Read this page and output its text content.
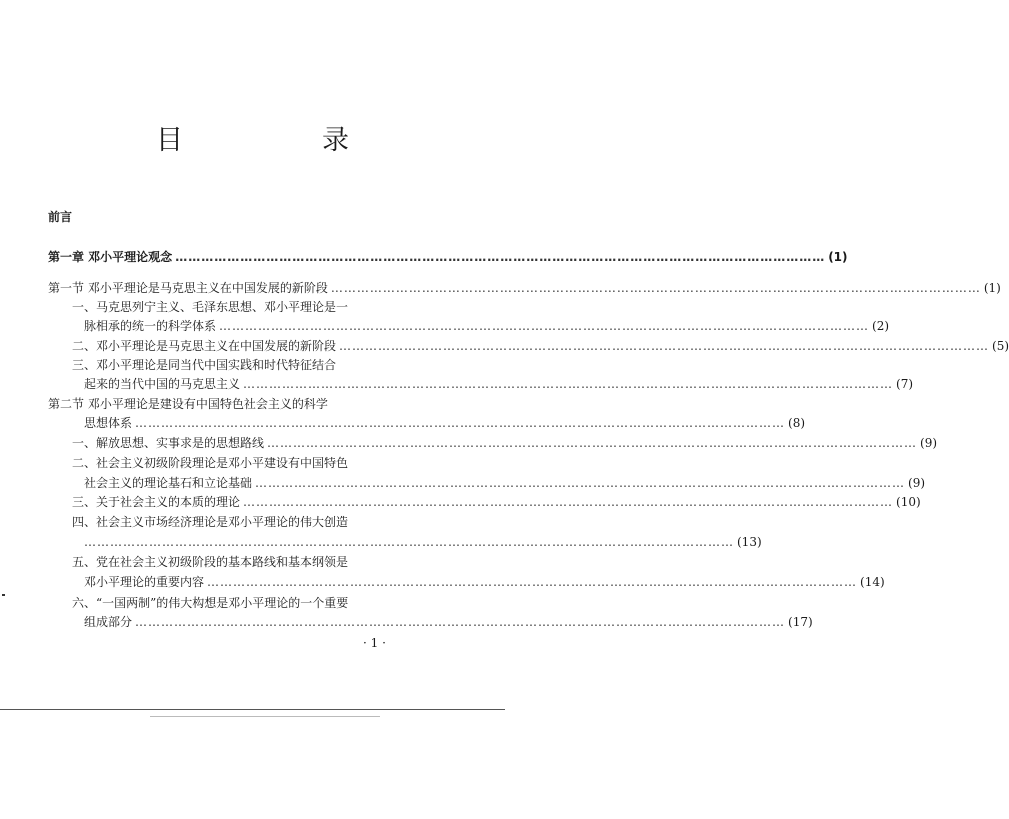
目　录
前言
第一章 邓小平理论观念 …………………………………………………………………………………………………………………………………… (1)
第一节 邓小平理论是马克思主义在中国发展的新阶段 …………………………………………………………………………………………………………………………………… (1)
一、马克思列宁主义、毛泽东思想、邓小平理论是一
脉相承的统一的科学体系 …………………………………………………………………………………………………………………………………… (2)
二、邓小平理论是马克思主义在中国发展的新阶段 …………………………………………………………………………………………………………………………………… (5)
三、邓小平理论是同当代中国实践和时代特征结合
起来的当代中国的马克思主义 …………………………………………………………………………………………………………………………………… (7)
第二节 邓小平理论是建设有中国特色社会主义的科学
思想体系 …………………………………………………………………………………………………………………………………… (8)
一、解放思想、实事求是的思想路线 …………………………………………………………………………………………………………………………………… (9)
二、社会主义初级阶段理论是邓小平建设有中国特色
社会主义的理论基石和立论基础 …………………………………………………………………………………………………………………………………… (9)
三、关于社会主义的本质的理论 …………………………………………………………………………………………………………………………………… (10)
四、社会主义市场经济理论是邓小平理论的伟大创造
…………………………………………………………………………………………………………………………………… (13)
五、党在社会主义初级阶段的基本路线和基本纲领是
邓小平理论的重要内容 …………………………………………………………………………………………………………………………………… (14)
六、“一国两制”的伟大构想是邓小平理论的一个重要
组成部分 …………………………………………………………………………………………………………………………………… (17)
· 1 ·
